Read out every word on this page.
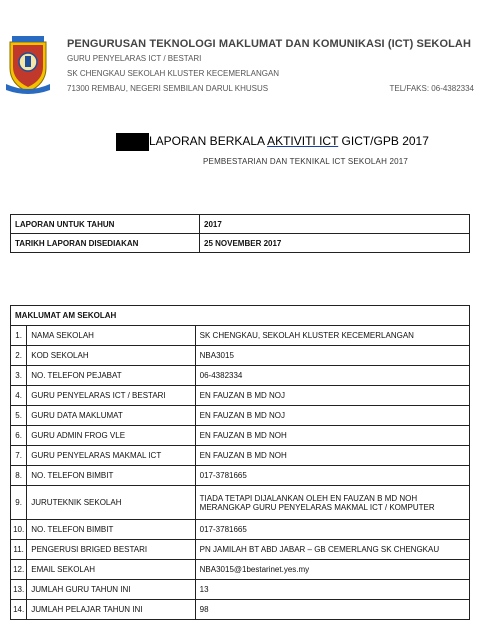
PENGURUSAN TEKNOLOGI MAKLUMAT DAN KOMUNIKASI (ICT) SEKOLAH
GURU PENYELARAS ICT / BESTARI
SK CHENGKAU SEKOLAH KLUSTER KECEMERLANGAN
71300 REMBAU, NEGERI SEMBILAN DARUL KHUSUS	TEL/FAKS: 06-4382334
LAPORAN BERKALA AKTIVITI ICT GICT/GPB 2017
PEMBESTARIAN DAN TEKNIKAL ICT SEKOLAH 2017
LAPORAN UNTUK TAHUN	2017
TARIKH LAPORAN DISEDIAKAN	25 NOVEMBER 2017
MAKLUMAT AM SEKOLAH		
1.	NAMA SEKOLAH	SK CHENGKAU, SEKOLAH KLUSTER KECEMERLANGAN
2.	KOD SEKOLAH	NBA3015
3.	NO. TELEFON PEJABAT	06-4382334
4.	GURU PENYELARAS ICT / BESTARI	EN FAUZAN B MD NOJ
5.	GURU DATA MAKLUMAT	EN FAUZAN B MD NOJ
6.	GURU ADMIN FROG VLE	EN FAUZAN B MD NOH
7.	GURU PENYELARAS MAKMAL ICT	EN FAUZAN B MD NOH
8.	NO. TELEFON BIMBIT	017-3781665
9.	JURUTEKNIK SEKOLAH	TIADA TETAPI DIJALANKAN OLEH EN FAUZAN B MD NOH MERANGKAP GURU PENYELARAS MAKMAL ICT / KOMPUTER
10.	NO. TELEFON BIMBIT	017-3781665
11.	PENGERUSI BRIGED BESTARI	PN JAMILAH BT ABD JABAR – GB CEMERLANG SK CHENGKAU
12.	EMAIL SEKOLAH	NBA3015@1bestarinet.yes.my
13.	JUMLAH GURU TAHUN INI	13
14.	JUMLAH PELAJAR TAHUN INI	98
